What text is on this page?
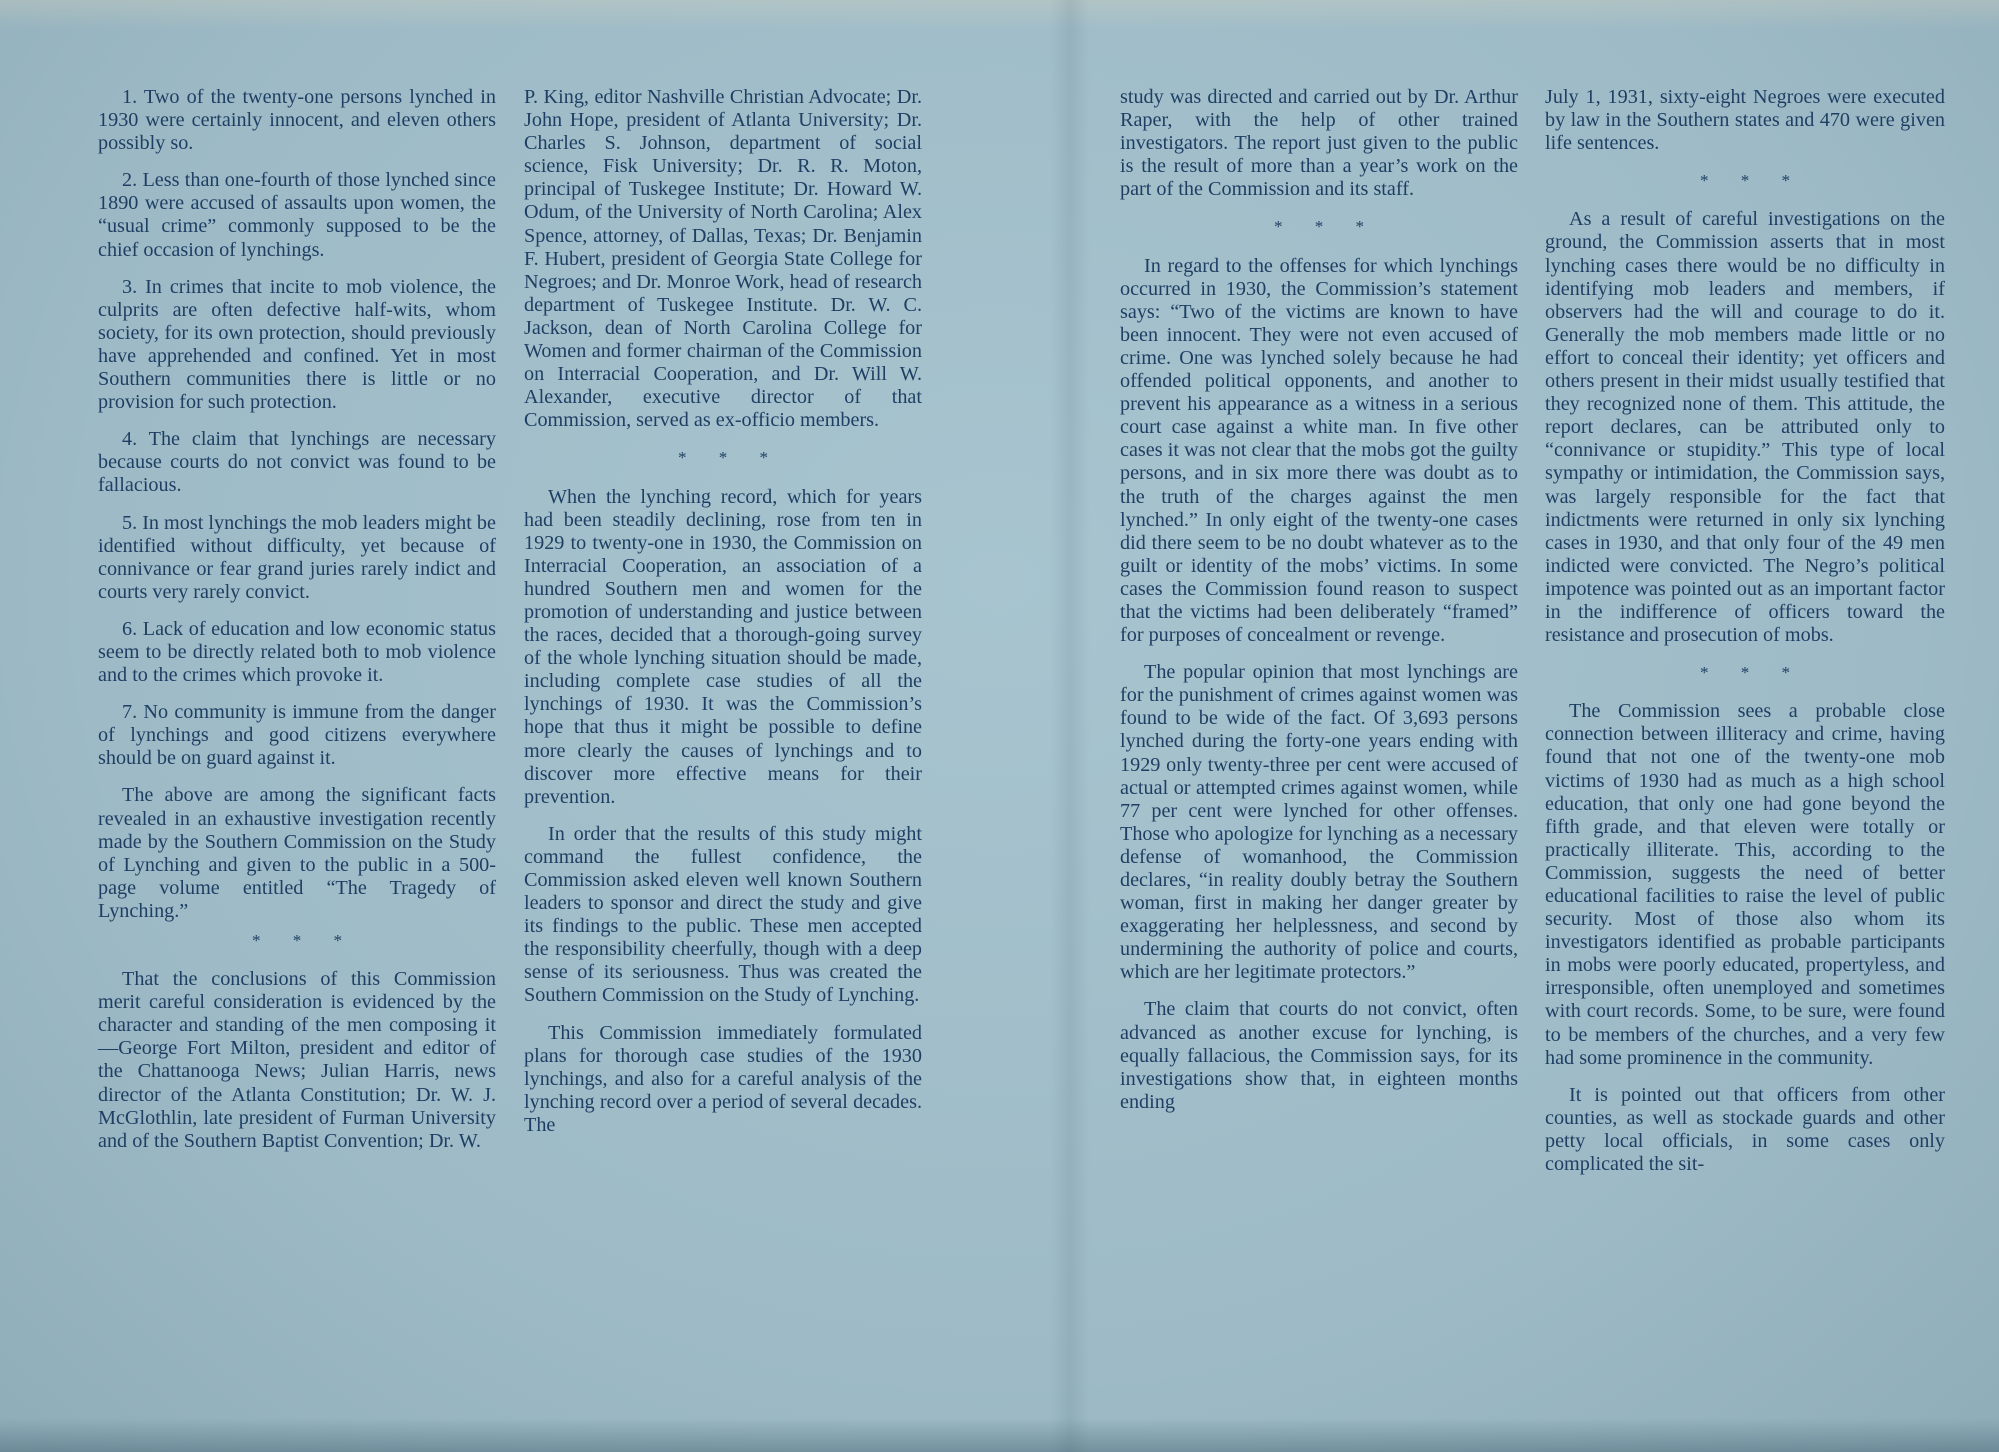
1. Two of the twenty-one persons lynched in 1930 were certainly innocent, and eleven others possibly so.

2. Less than one-fourth of those lynched since 1890 were accused of assaults upon women, the “usual crime” commonly supposed to be the chief occasion of lynchings.

3. In crimes that incite to mob violence, the culprits are often defective half-wits, whom society, for its own protection, should previously have apprehended and confined. Yet in most Southern communities there is little or no provision for such protection.

4. The claim that lynchings are necessary because courts do not convict was found to be fallacious.

5. In most lynchings the mob leaders might be identified without difficulty, yet because of connivance or fear grand juries rarely indict and courts very rarely convict.

6. Lack of education and low economic status seem to be directly related both to mob violence and to the crimes which provoke it.

7. No community is immune from the danger of lynchings and good citizens everywhere should be on guard against it.

The above are among the significant facts revealed in an exhaustive investigation recently made by the Southern Commission on the Study of Lynching and given to the public in a 500-page volume entitled “The Tragedy of Lynching.”

* * *

That the conclusions of this Commission merit careful consideration is evidenced by the character and standing of the men composing it—George Fort Milton, president and editor of the Chattanooga News; Julian Harris, news director of the Atlanta Constitution; Dr. W. J. McGlothlin, late president of Furman University and of the Southern Baptist Convention; Dr. W.

P. King, editor Nashville Christian Advocate; Dr. John Hope, president of Atlanta University; Dr. Charles S. Johnson, department of social science, Fisk University; Dr. R. R. Moton, principal of Tuskegee Institute; Dr. Howard W. Odum, of the University of North Carolina; Alex Spence, attorney, of Dallas, Texas; Dr. Benjamin F. Hubert, president of Georgia State College for Negroes; and Dr. Monroe Work, head of research department of Tuskegee Institute. Dr. W. C. Jackson, dean of North Carolina College for Women and former chairman of the Commission on Interracial Cooperation, and Dr. Will W. Alexander, executive director of that Commission, served as ex-officio members.

* * *

When the lynching record, which for years had been steadily declining, rose from ten in 1929 to twenty-one in 1930, the Commission on Interracial Cooperation, an association of a hundred Southern men and women for the promotion of understanding and justice between the races, decided that a thorough-going survey of the whole lynching situation should be made, including complete case studies of all the lynchings of 1930. It was the Commission’s hope that thus it might be possible to define more clearly the causes of lynchings and to discover more effective means for their prevention.

In order that the results of this study might command the fullest confidence, the Commission asked eleven well known Southern leaders to sponsor and direct the study and give its findings to the public. These men accepted the responsibility cheerfully, though with a deep sense of its seriousness. Thus was created the Southern Commission on the Study of Lynching.

This Commission immediately formulated plans for thorough case studies of the 1930 lynchings, and also for a careful analysis of the lynching record over a period of several decades. The

study was directed and carried out by Dr. Arthur Raper, with the help of other trained investigators. The report just given to the public is the result of more than a year’s work on the part of the Commission and its staff.

* * *

In regard to the offenses for which lynchings occurred in 1930, the Commission’s statement says: “Two of the victims are known to have been innocent. They were not even accused of crime. One was lynched solely because he had offended political opponents, and another to prevent his appearance as a witness in a serious court case against a white man. In five other cases it was not clear that the mobs got the guilty persons, and in six more there was doubt as to the truth of the charges against the men lynched.” In only eight of the twenty-one cases did there seem to be no doubt whatever as to the guilt or identity of the mobs’ victims. In some cases the Commission found reason to suspect that the victims had been deliberately “framed” for purposes of concealment or revenge.

The popular opinion that most lynchings are for the punishment of crimes against women was found to be wide of the fact. Of 3,693 persons lynched during the forty-one years ending with 1929 only twenty-three per cent were accused of actual or attempted crimes against women, while 77 per cent were lynched for other offenses. Those who apologize for lynching as a necessary defense of womanhood, the Commission declares, “in reality doubly betray the Southern woman, first in making her danger greater by exaggerating her helplessness, and second by undermining the authority of police and courts, which are her legitimate protectors.”

The claim that courts do not convict, often advanced as another excuse for lynching, is equally fallacious, the Commission says, for its investigations show that, in eighteen months ending

July 1, 1931, sixty-eight Negroes were executed by law in the Southern states and 470 were given life sentences.

* * *

As a result of careful investigations on the ground, the Commission asserts that in most lynching cases there would be no difficulty in identifying mob leaders and members, if observers had the will and courage to do it. Generally the mob members made little or no effort to conceal their identity; yet officers and others present in their midst usually testified that they recognized none of them. This attitude, the report declares, can be attributed only to “connivance or stupidity.” This type of local sympathy or intimidation, the Commission says, was largely responsible for the fact that indictments were returned in only six lynching cases in 1930, and that only four of the 49 men indicted were convicted. The Negro’s political impotence was pointed out as an important factor in the indifference of officers toward the resistance and prosecution of mobs.

* * *

The Commission sees a probable close connection between illiteracy and crime, having found that not one of the twenty-one mob victims of 1930 had as much as a high school education, that only one had gone beyond the fifth grade, and that eleven were totally or practically illiterate. This, according to the Commission, suggests the need of better educational facilities to raise the level of public security. Most of those also whom its investigators identified as probable participants in mobs were poorly educated, propertyless, and irresponsible, often unemployed and sometimes with court records. Some, to be sure, were found to be members of the churches, and a very few had some prominence in the community.

It is pointed out that officers from other counties, as well as stockade guards and other petty local officials, in some cases only complicated the sit-
